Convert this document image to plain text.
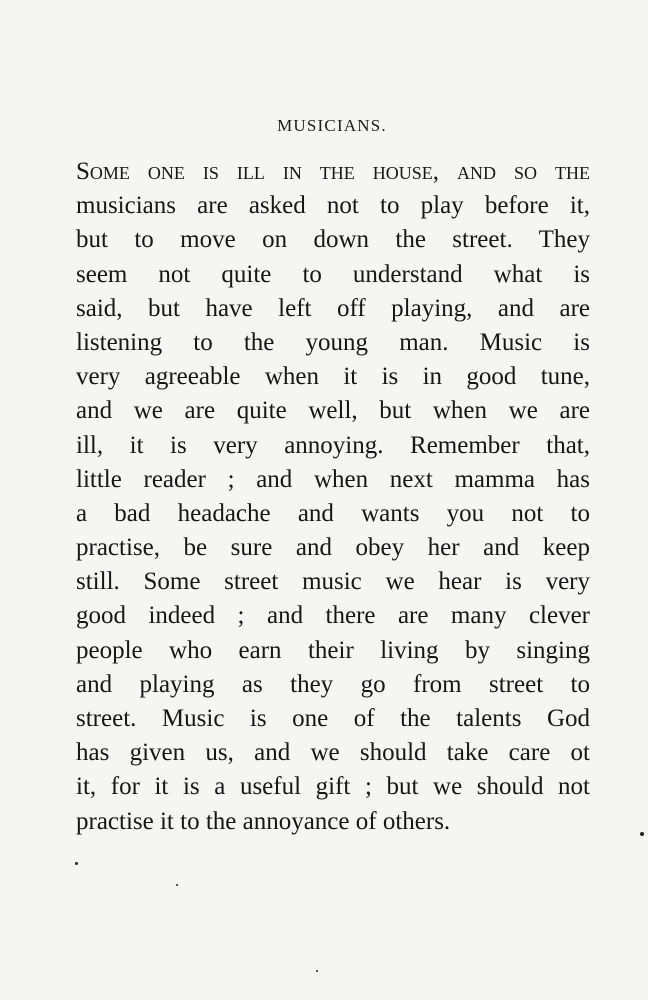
MUSICIANS.
Some one is ill in the house, and so the
musicians are asked not to play before it,
but to move on down the street. They
seem not quite to understand what is
said, but have left off playing, and are
listening to the young man. Music is
very agreeable when it is in good tune,
and we are quite well, but when we are
ill, it is very annoying. Remember that,
little reader ; and when next mamma has
a bad headache and wants you not to
practise, be sure and obey her and keep
still. Some street music we hear is very
good indeed ; and there are many clever
people who earn their living by singing
and playing as they go from street to
street. Music is one of the talents God
has given us, and we should take care ot
it, for it is a useful gift ; but we should not
practise it to the annoyance of others.
